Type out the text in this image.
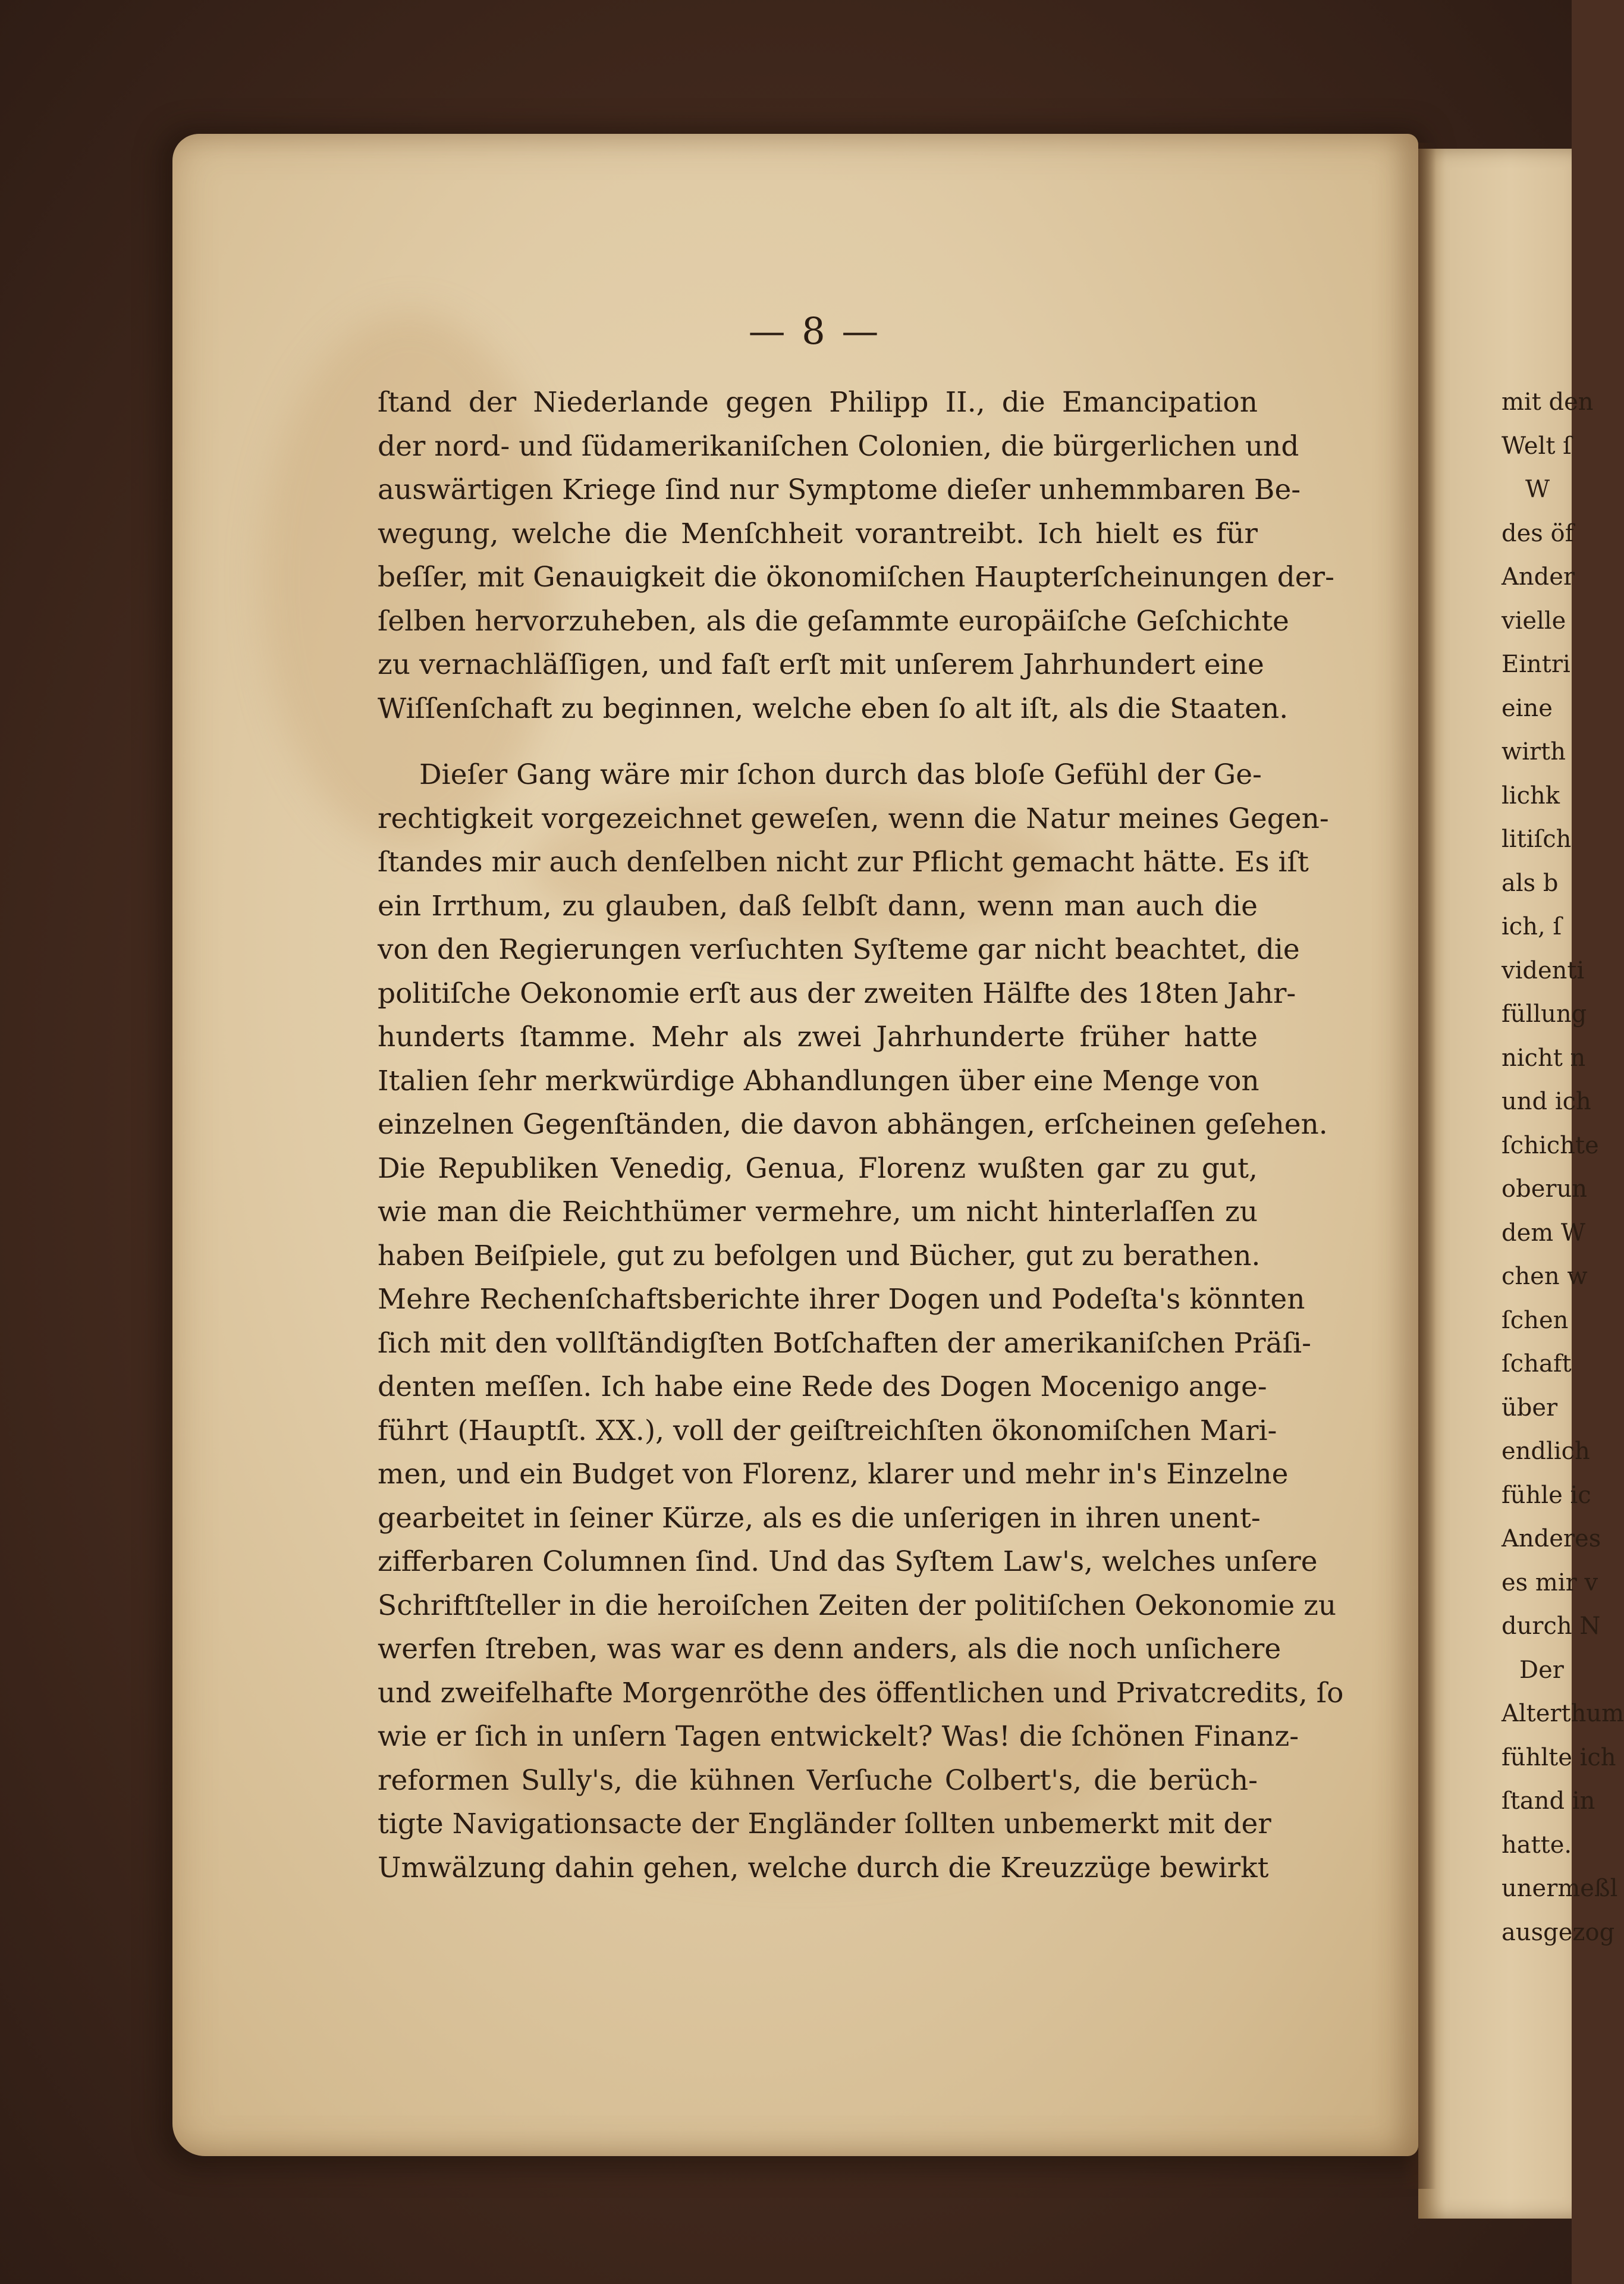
— 8 —
ſtand der Niederlande gegen Philipp II., die Emancipation
der nord- und ſüdamerikaniſchen Colonien, die bürgerlichen und
auswärtigen Kriege ſind nur Symptome dieſer unhemmbaren Be-
wegung, welche die Menſchheit vorantreibt. Ich hielt es für
beſſer, mit Genauigkeit die ökonomiſchen Haupterſcheinungen der-
ſelben hervorzuheben, als die geſammte europäiſche Geſchichte
zu vernachläſſigen, und faſt erſt mit unſerem Jahrhundert eine
Wiſſenſchaft zu beginnen, welche eben ſo alt iſt, als die Staaten.
Dieſer Gang wäre mir ſchon durch das bloſe Gefühl der Ge-
rechtigkeit vorgezeichnet geweſen, wenn die Natur meines Gegen-
ſtandes mir auch denſelben nicht zur Pflicht gemacht hätte. Es iſt
ein Irrthum, zu glauben, daß ſelbſt dann, wenn man auch die
von den Regierungen verſuchten Syſteme gar nicht beachtet, die
politiſche Oekonomie erſt aus der zweiten Hälfte des 18ten Jahr-
hunderts ſtamme. Mehr als zwei Jahrhunderte früher hatte
Italien ſehr merkwürdige Abhandlungen über eine Menge von
einzelnen Gegenſtänden, die davon abhängen, erſcheinen geſehen.
Die Republiken Venedig, Genua, Florenz wußten gar zu gut,
wie man die Reichthümer vermehre, um nicht hinterlaſſen zu
haben Beiſpiele, gut zu befolgen und Bücher, gut zu berathen.
Mehre Rechenſchaftsberichte ihrer Dogen und Podeſta's könnten
ſich mit den vollſtändigſten Botſchaften der amerikaniſchen Präſi-
denten meſſen. Ich habe eine Rede des Dogen Mocenigo ange-
führt (Hauptſt. XX.), voll der geiſtreichſten ökonomiſchen Mari-
men, und ein Budget von Florenz, klarer und mehr in's Einzelne
gearbeitet in ſeiner Kürze, als es die unſerigen in ihren unent-
zifferbaren Columnen ſind. Und das Syſtem Law's, welches unſere
Schriftſteller in die heroiſchen Zeiten der politiſchen Oekonomie zu
werfen ſtreben, was war es denn anders, als die noch unſichere
und zweifelhafte Morgenröthe des öffentlichen und Privatcredits, ſo
wie er ſich in unſern Tagen entwickelt? Was! die ſchönen Finanz-
reformen Sully's, die kühnen Verſuche Colbert's, die berüch-
tigte Navigationsacte der Engländer ſollten unbemerkt mit der
Umwälzung dahin gehen, welche durch die Kreuzzüge bewirkt
mit den
Welt ſ
W
des öf
Ander
vielle
Eintri
eine
wirth
lichk
litiſch
als b
ich, ſ
videnti
füllung
nicht n
und ich
ſchichte
oberun
dem W
chen w
ſchen
ſchaft
über
endlich
fühle ic
Anderes
es mir v
durch N
Der
Alterthum
fühlte ich
ſtand in
hatte.
unermeßl
ausgezog
